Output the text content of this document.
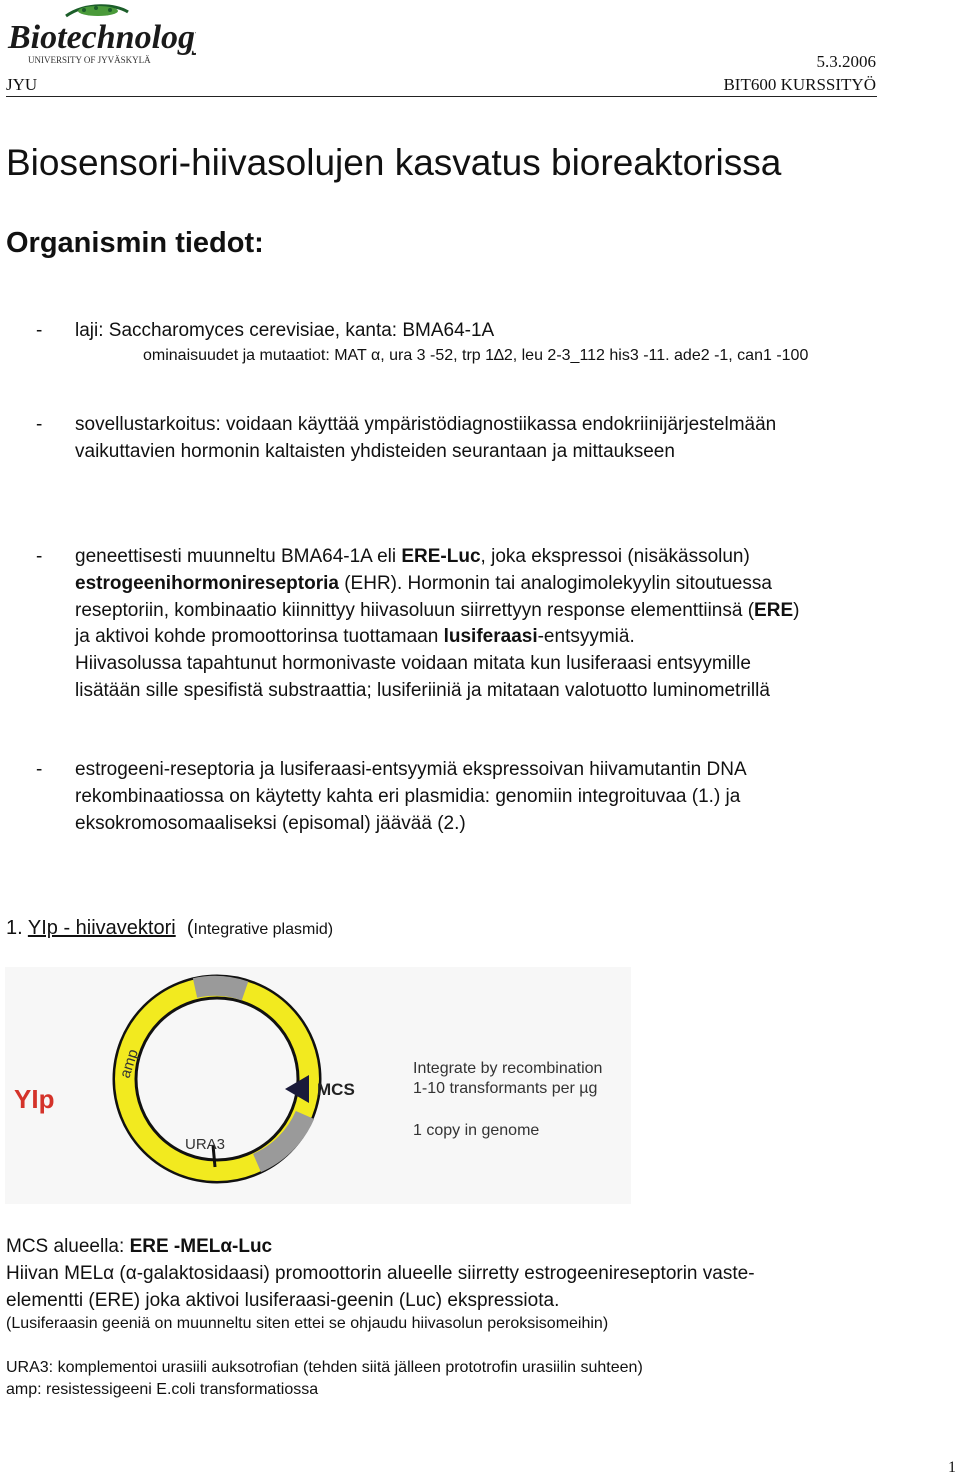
Biotechnology
UNIVERSITY OF JYVÄSKYLÄ	5.3.2006
JYU	BIT600 KURSSITYÖ
Biosensori-hiivasolujen kasvatus bioreaktorissa
Organismin tiedot:
- laji: Saccharomyces cerevisiae, kanta: BMA64-1A
ominaisuudet ja mutaatiot: MAT α, ura 3 -52, trp 1∆2, leu 2-3_112 his3 -11. ade2 -1, can1 -100
- sovellustarkoitus: voidaan käyttää ympäristödiagnostiikassa endokriinijärjestelmään
vaikuttavien hormonin kaltaisten yhdisteiden seurantaan ja mittaukseen
- geneettisesti muunneltu BMA64-1A eli ERE-Luc, joka ekspressoi (nisäkässolun)
estrogeenihormonireseptoria (EHR). Hormonin tai analogimolekyylin sitoutuessa
reseptoriin, kombinaatio kiinnittyy hiivasoluun siirrettyyn response elementtiinsä (ERE)
ja aktivoi kohde promoottorinsa tuottamaan lusiferaasi-entsyymiä.
Hiivasolussa tapahtunut hormonivaste voidaan mitata kun lusiferaasi entsyymille
lisätään sille spesifistä substraattia; lusiferiiniä ja mitataan valotuotto luminometrillä
- estrogeeni-reseptoria ja lusiferaasi-entsyymiä ekspressoivan hiivamutantin DNA
rekombinaatiossa on käytetty kahta eri plasmidia: genomiin integroituvaa (1.) ja
eksokromosomaaliseksi (episomal) jäävää (2.)
1. YIp - hiivavektori  (Integrative plasmid)
YIp
amp
URA3
MCS
Integrate by recombination
1-10 transformants per µg
1 copy in genome
MCS alueella: ERE -MELα-Luc
Hiivan MELα (α-galaktosidaasi) promoottorin alueelle siirretty estrogeenireseptorin vaste-
elementti (ERE) joka aktivoi lusiferaasi-geenin (Luc) ekspressiota.
(Lusiferaasin geeniä on muunneltu siten ettei se ohjaudu hiivasolun peroksisomeihin)
URA3: komplementoi urasiili auksotrofian (tehden siitä jälleen prototrofin urasiilin suhteen)
amp: resistessigeeni E.coli transformatiossa
1
